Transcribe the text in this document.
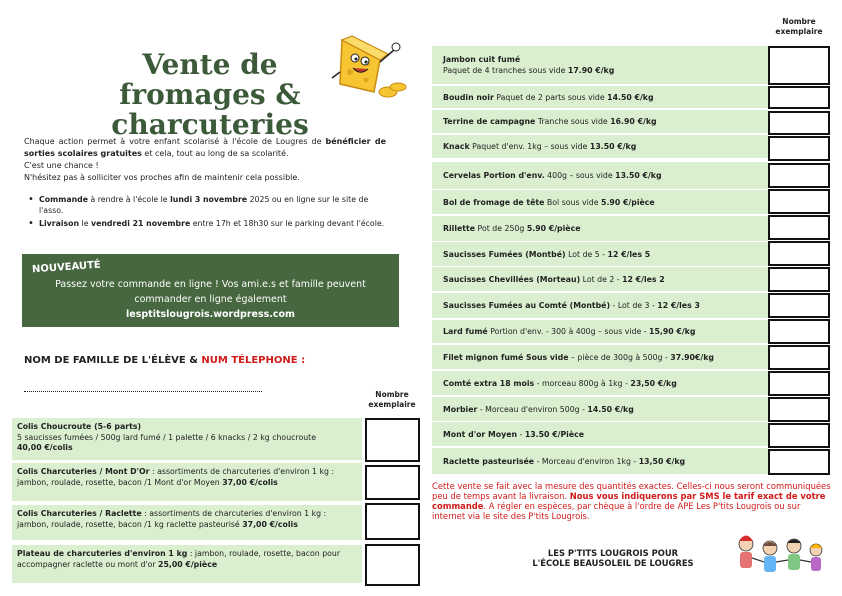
Vente de
fromages & charcuteries

Chaque action permet à votre enfant scolarisé à l'école de Lougres de bénéficier de sorties scolaires gratuites et cela, tout au long de sa scolarité.

C'est une chance !

N'hésitez pas à solliciter vos proches afin de maintenir cela possible.

• Commande à rendre à l'école le lundi 3 novembre 2025 ou en ligne sur le site de l'asso.
• Livraison le vendredi 21 novembre entre 17h et 18h30 sur le parking devant l'école.
NOUVEAUTÉ
Passez votre commande en ligne ! Vos ami.e.s et famille peuvent commander en ligne également
lesptitslougrois.wordpress.com
NOM DE FAMILLE DE L'ÉLÈVE & NUM TÉLEPHONE :
Nombre exemplaire
Nombre exemplaire
Colis Choucroute (5-6 parts)
5 saucisses fumées / 500g lard fumé / 1 palette / 6 knacks / 2 kg choucroute
40,00 €/colis
Colis Charcuteries / Mont D'Or : assortiments de charcuteries d'environ 1 kg : jambon, roulade, rosette, bacon /1 Mont d'or Moyen 37,00 €/colis
Colis Charcuteries / Raclette : assortiments de charcuteries d'environ 1 kg : jambon, roulade, rosette, bacon /1 kg raclette pasteurisé 37,00 €/colis
Plateau de charcuteries d'environ 1 kg : jambon, roulade, rosette, bacon pour accompagner raclette ou mont d'or 25,00 €/pièce
Jambon cuit fumé
Paquet de 4 tranches sous vide 17.90 €/kg
Boudin noir Paquet de 2 parts sous vide 14.50 €/kg
Terrine de campagne Tranche sous vide 16.90 €/kg
Knack Paquet d'env. 1kg – sous vide 13.50 €/kg
Cervelas Portion d'env. 400g – sous vide 13.50 €/kg
Bol de fromage de tête Bol sous vide 5.90 €/pièce
Rillette Pot de 250g 5.90 €/pièce
Saucisses Fumées (Montbé) Lot de 5 - 12 €/les 5
Saucisses Chevillées (Morteau) Lot de 2 - 12 €/les 2
Saucisses Fumées au Comté (Montbé) - Lot de 3 - 12 €/les 3
Lard fumé Portion d'env. - 300 à 400g – sous vide - 15,90 €/kg
Filet mignon fumé Sous vide – pièce de 300g à 500g - 37.90€/kg
Comté extra 18 mois - morceau 800g à 1kg - 23,50 €/kg
Morbier - Morceau d'environ 500g - 14.50 €/kg
Mont d'or Moyen - 13.50 €/Pièce
Raclette pasteurisée - Morceau d'environ 1kg - 13,50 €/kg
Cette vente se fait avec la mesure des quantités exactes. Celles-ci nous seront communiquées peu de temps avant la livraison. Nous vous indiquerons par SMS le tarif exact de votre commande. A régler en espèces, par chèque à l'ordre de APE Les P'tits Lougrois ou sur internet via le site des P'tits Lougrois.
LES P'TITS LOUGROIS POUR
L'ÉCOLE BEAUSOLEIL DE LOUGRES
